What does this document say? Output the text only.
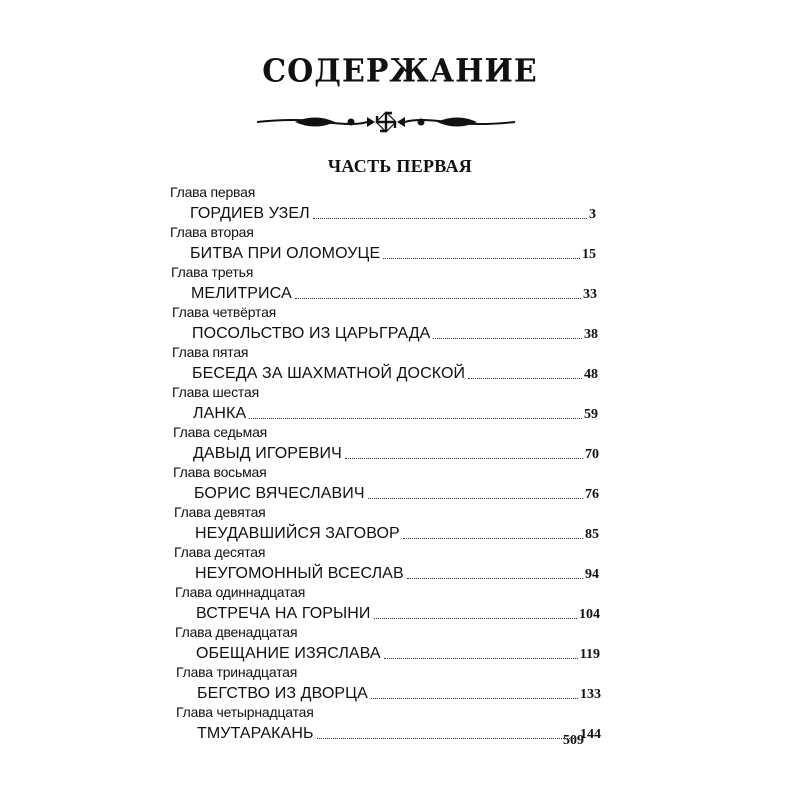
СОДЕРЖАНИЕ
ЧАСТЬ ПЕРВАЯ
Глава первая
ГОРДИЕВ УЗЕЛ	3
Глава вторая
БИТВА ПРИ ОЛОМОУЦЕ	15
Глава третья
МЕЛИТРИСА	33
Глава четвёртая
ПОСОЛЬСТВО ИЗ ЦАРЬГРАДА	38
Глава пятая
БЕСЕДА ЗА ШАХМАТНОЙ ДОСКОЙ	48
Глава шестая
ЛАНКА	59
Глава седьмая
ДАВЫД ИГОРЕВИЧ	70
Глава восьмая
БОРИС ВЯЧЕСЛАВИЧ	76
Глава девятая
НЕУДАВШИЙСЯ ЗАГОВОР	85
Глава десятая
НЕУГОМОННЫЙ ВСЕСЛАВ	94
Глава одиннадцатая
ВСТРЕЧА НА ГОРЫНИ	104
Глава двенадцатая
ОБЕЩАНИЕ ИЗЯСЛАВА	119
Глава тринадцатая
БЕГСТВО ИЗ ДВОРЦА	133
Глава четырнадцатая
ТМУТАРАКАНЬ	144
509
